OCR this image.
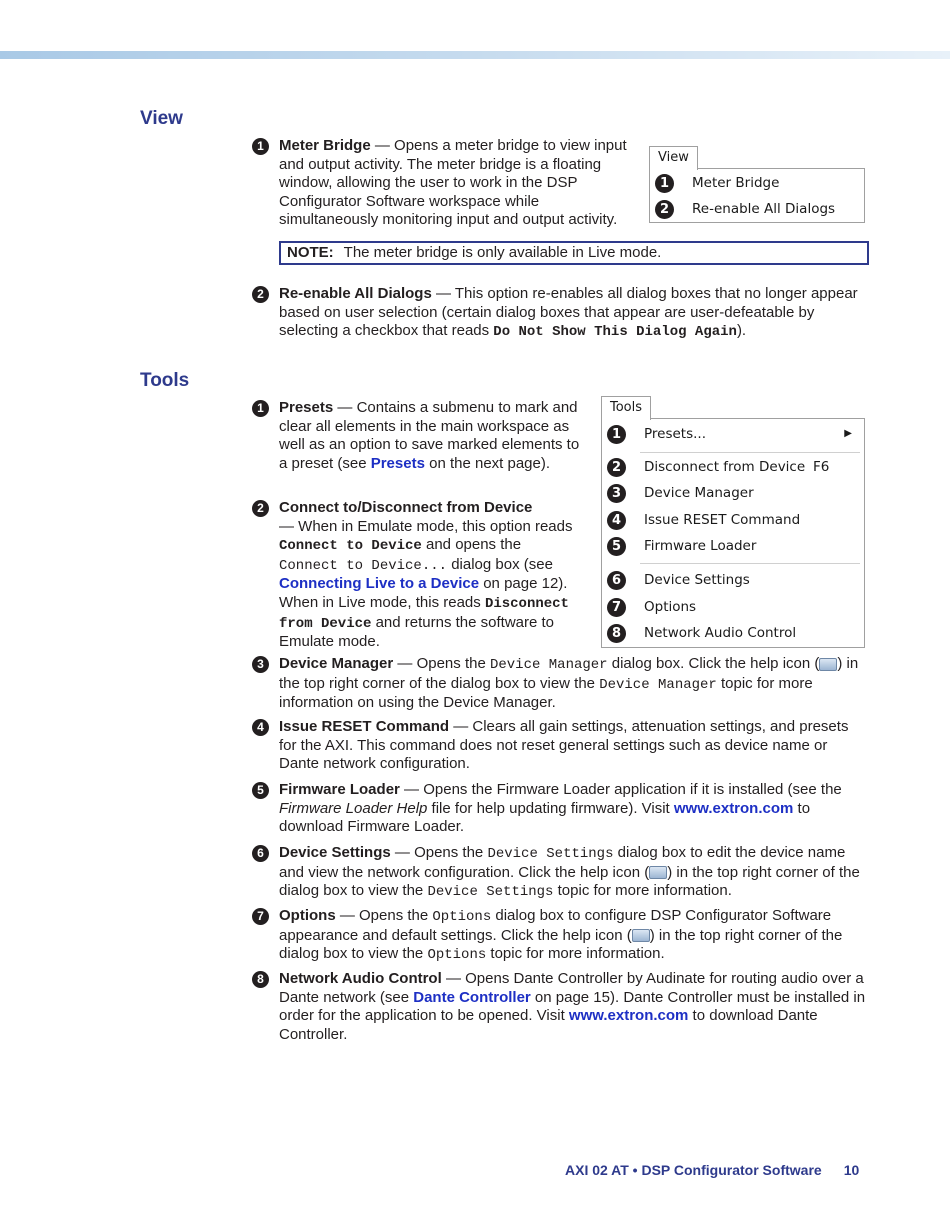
View
1	Meter Bridge — Opens a meter bridge to view input and output activity. The meter bridge is a floating window, allowing the user to work in the DSP Configurator Software workspace while simultaneously monitoring input and output activity.
View
1	Meter Bridge
2	Re-enable All Dialogs
NOTE: The meter bridge is only available in Live mode.
2	Re-enable All Dialogs — This option re-enables all dialog boxes that no longer appear based on user selection (certain dialog boxes that appear are user-defeatable by selecting a checkbox that reads Do Not Show This Dialog Again).
Tools
Tools
1	Presets...	▶
2	Disconnect from Device F6
3	Device Manager
4	Issue RESET Command
5	Firmware Loader
6	Device Settings
7	Options
8	Network Audio Control
1	Presets — Contains a submenu to mark and clear all elements in the main workspace as well as an option to save marked elements to a preset (see Presets on the next page).
2	Connect to/Disconnect from Device
— When in Emulate mode, this option reads Connect to Device and opens the Connect to Device... dialog box (see Connecting Live to a Device on page 12). When in Live mode, this reads Disconnect from Device and returns the software to Emulate mode.
3	Device Manager — Opens the Device Manager dialog box. Click the help icon ( ) in the top right corner of the dialog box to view the Device Manager topic for more information on using the Device Manager.
4	Issue RESET Command — Clears all gain settings, attenuation settings, and presets for the AXI. This command does not reset general settings such as device name or Dante network configuration.
5	Firmware Loader — Opens the Firmware Loader application if it is installed (see the Firmware Loader Help file for help updating firmware). Visit www.extron.com to download Firmware Loader.
6	Device Settings — Opens the Device Settings dialog box to edit the device name and view the network configuration. Click the help icon ( ) in the top right corner of the dialog box to view the Device Settings topic for more information.
7	Options — Opens the Options dialog box to configure DSP Configurator Software appearance and default settings. Click the help icon ( ) in the top right corner of the dialog box to view the Options topic for more information.
8	Network Audio Control — Opens Dante Controller by Audinate for routing audio over a Dante network (see Dante Controller on page 15). Dante Controller must be installed in order for the application to be opened. Visit www.extron.com to download Dante Controller.
AXI 02 AT • DSP Configurator Software 10
